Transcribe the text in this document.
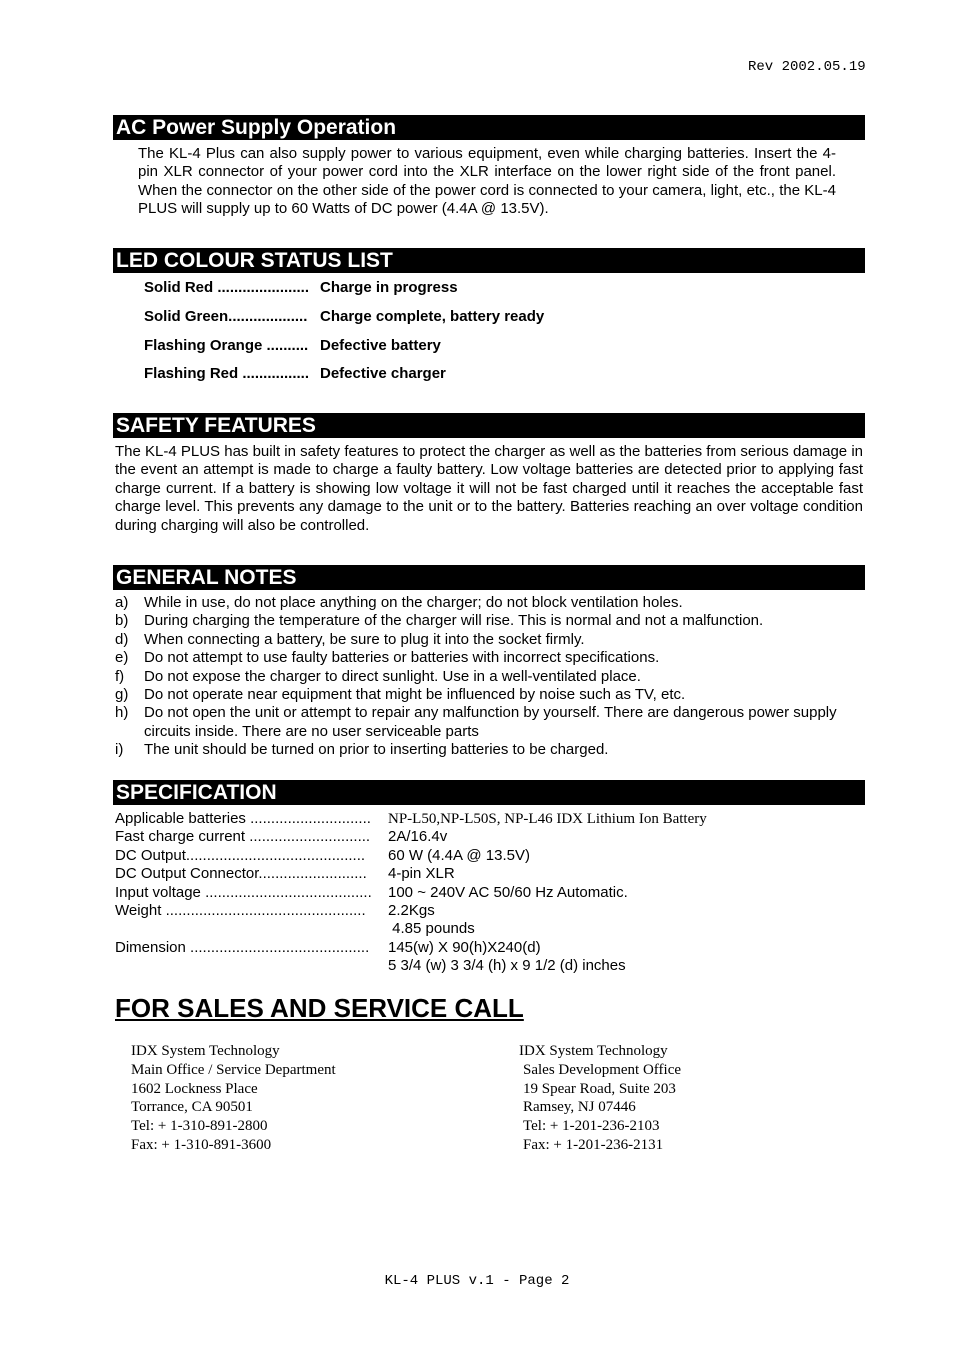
Rev 2002.05.19
AC Power Supply Operation

The KL-4 Plus can also supply power to various equipment, even while charging batteries. Insert the 4-pin XLR connector of your power cord into the XLR interface on the lower right side of the front panel. When the connector on the other side of the power cord is connected to your camera, light, etc., the KL-4 PLUS will supply up to 60 Watts of DC power (4.4A @ 13.5V).

LED COLOUR STATUS LIST
Solid Red ...................... Charge in progress
Solid Green................... Charge complete, battery ready
Flashing Orange .......... Defective battery
Flashing Red ................ Defective charger
SAFETY FEATURES

The KL-4 PLUS has built in safety features to protect the charger as well as the batteries from serious damage in the event an attempt is made to charge a faulty battery. Low voltage batteries are detected prior to applying fast charge current. If a battery is showing low voltage it will not be fast charged until it reaches the acceptable fast charge level. This prevents any damage to the unit or to the battery. Batteries reaching an over voltage condition during charging will also be controlled.

GENERAL NOTES
a)	While in use, do not place anything on the charger; do not block ventilation holes.
b)	During charging the temperature of the charger will rise. This is normal and not a malfunction.
d)	When connecting a battery, be sure to plug it into the socket firmly.
e)	Do not attempt to use faulty batteries or batteries with incorrect specifications.
f)	Do not expose the charger to direct sunlight. Use in a well-ventilated place.
g)	Do not operate near equipment that might be influenced by noise such as TV, etc.
h)	Do not open the unit or attempt to repair any malfunction by yourself. There are dangerous power supply circuits inside. There are no user serviceable parts
i)	The unit should be turned on prior to inserting batteries to be charged.
SPECIFICATION
Applicable batteries .............................	NP-L50,NP-L50S, NP-L46 IDX Lithium Ion Battery
Fast charge current .............................	2A/16.4v
DC Output...........................................	60 W (4.4A @ 13.5V)
DC Output Connector..........................	4-pin XLR
Input voltage ........................................	100 ~ 240V AC 50/60 Hz Automatic.
Weight ................................................	2.2Kgs
4.85 pounds
Dimension ...........................................	145(w) X 90(h)X240(d)
5 3/4 (w) 3 3/4 (h) x 9 1/2 (d) inches
FOR SALES AND SERVICE CALL
IDX System Technology
Main Office / Service Department
1602 Lockness Place
Torrance, CA 90501
Tel: + 1-310-891-2800
Fax: + 1-310-891-3600
IDX System Technology
Sales Development Office
19 Spear Road, Suite 203
Ramsey, NJ 07446
Tel: + 1-201-236-2103
Fax: + 1-201-236-2131
KL-4 PLUS v.1 - Page 2
